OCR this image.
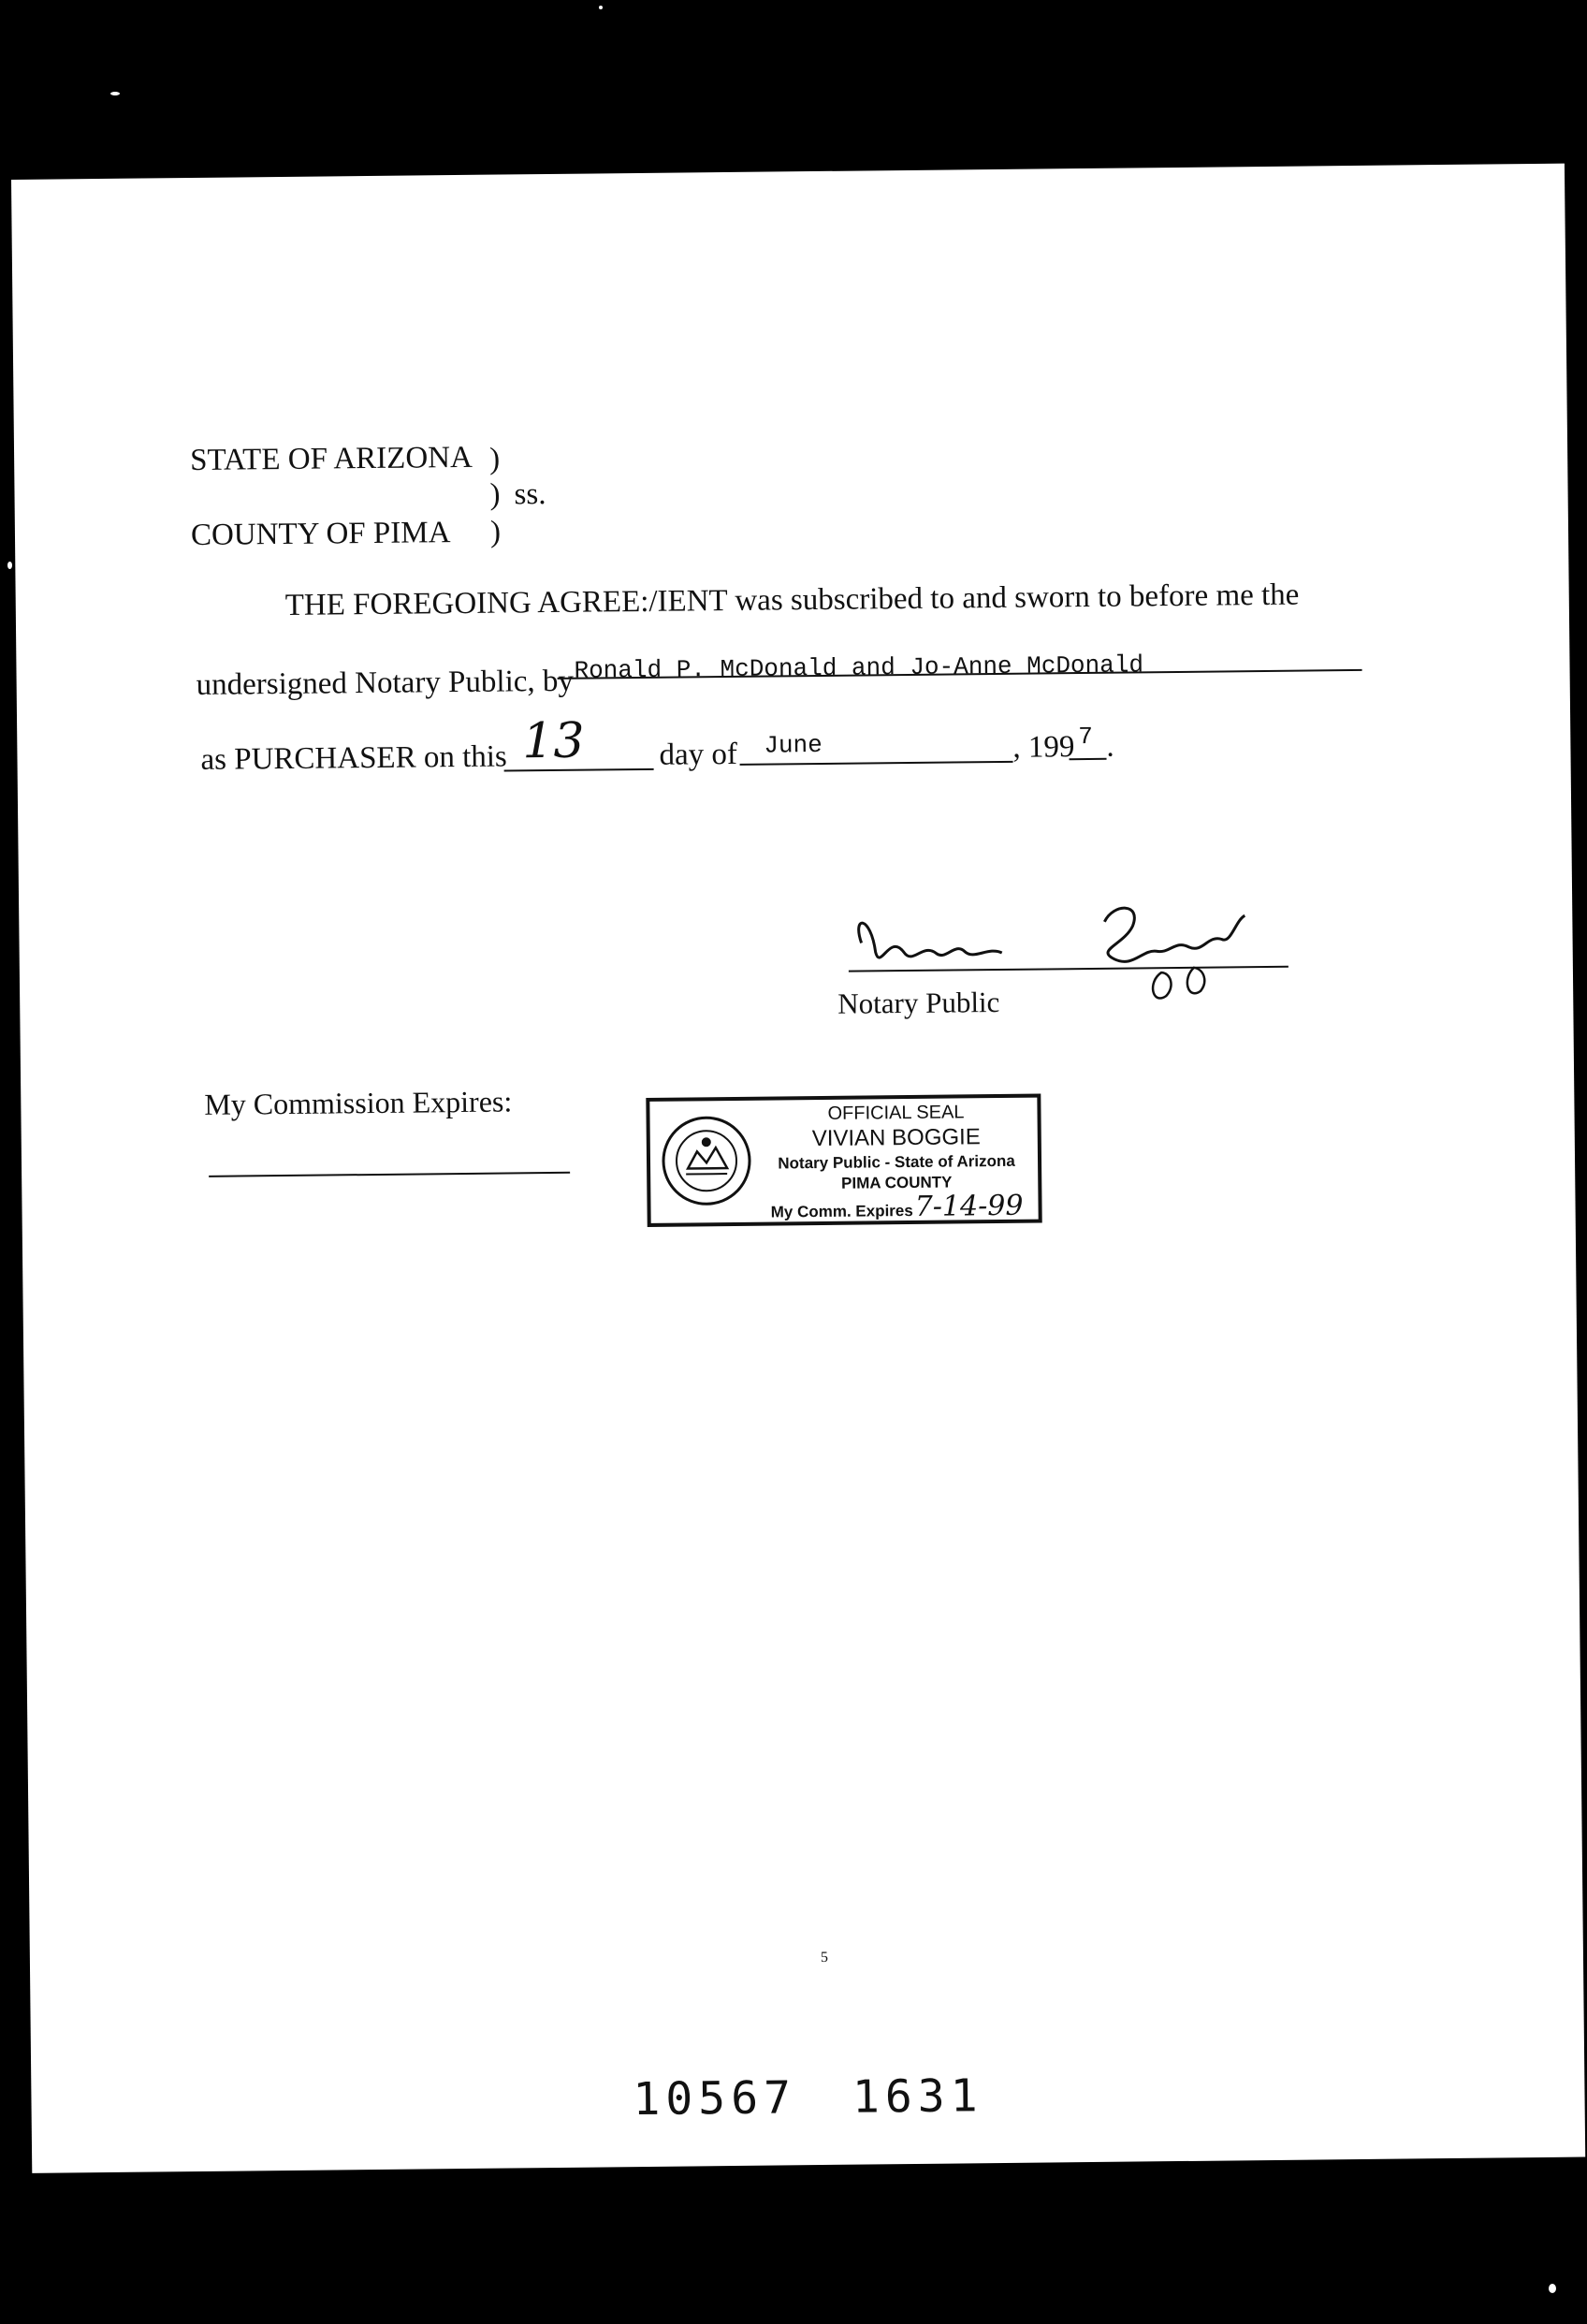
STATE OF ARIZONA )
) ss.
COUNTY OF PIMA )
THE FOREGOING AGREE:/IENT was subscribed to and sworn to before me the
undersigned Notary Public, by Ronald P. McDonald and Jo-Anne McDonald
as PURCHASER on this 13 day of June	, 199 7 .
Notary Public
My Commission Expires:	OFFICIAL SEAL
VIVIAN BOGGIE
Notary Public - State of Arizona
PIMA COUNTY
My Comm. Expires7-14-99
5
10567 1631
